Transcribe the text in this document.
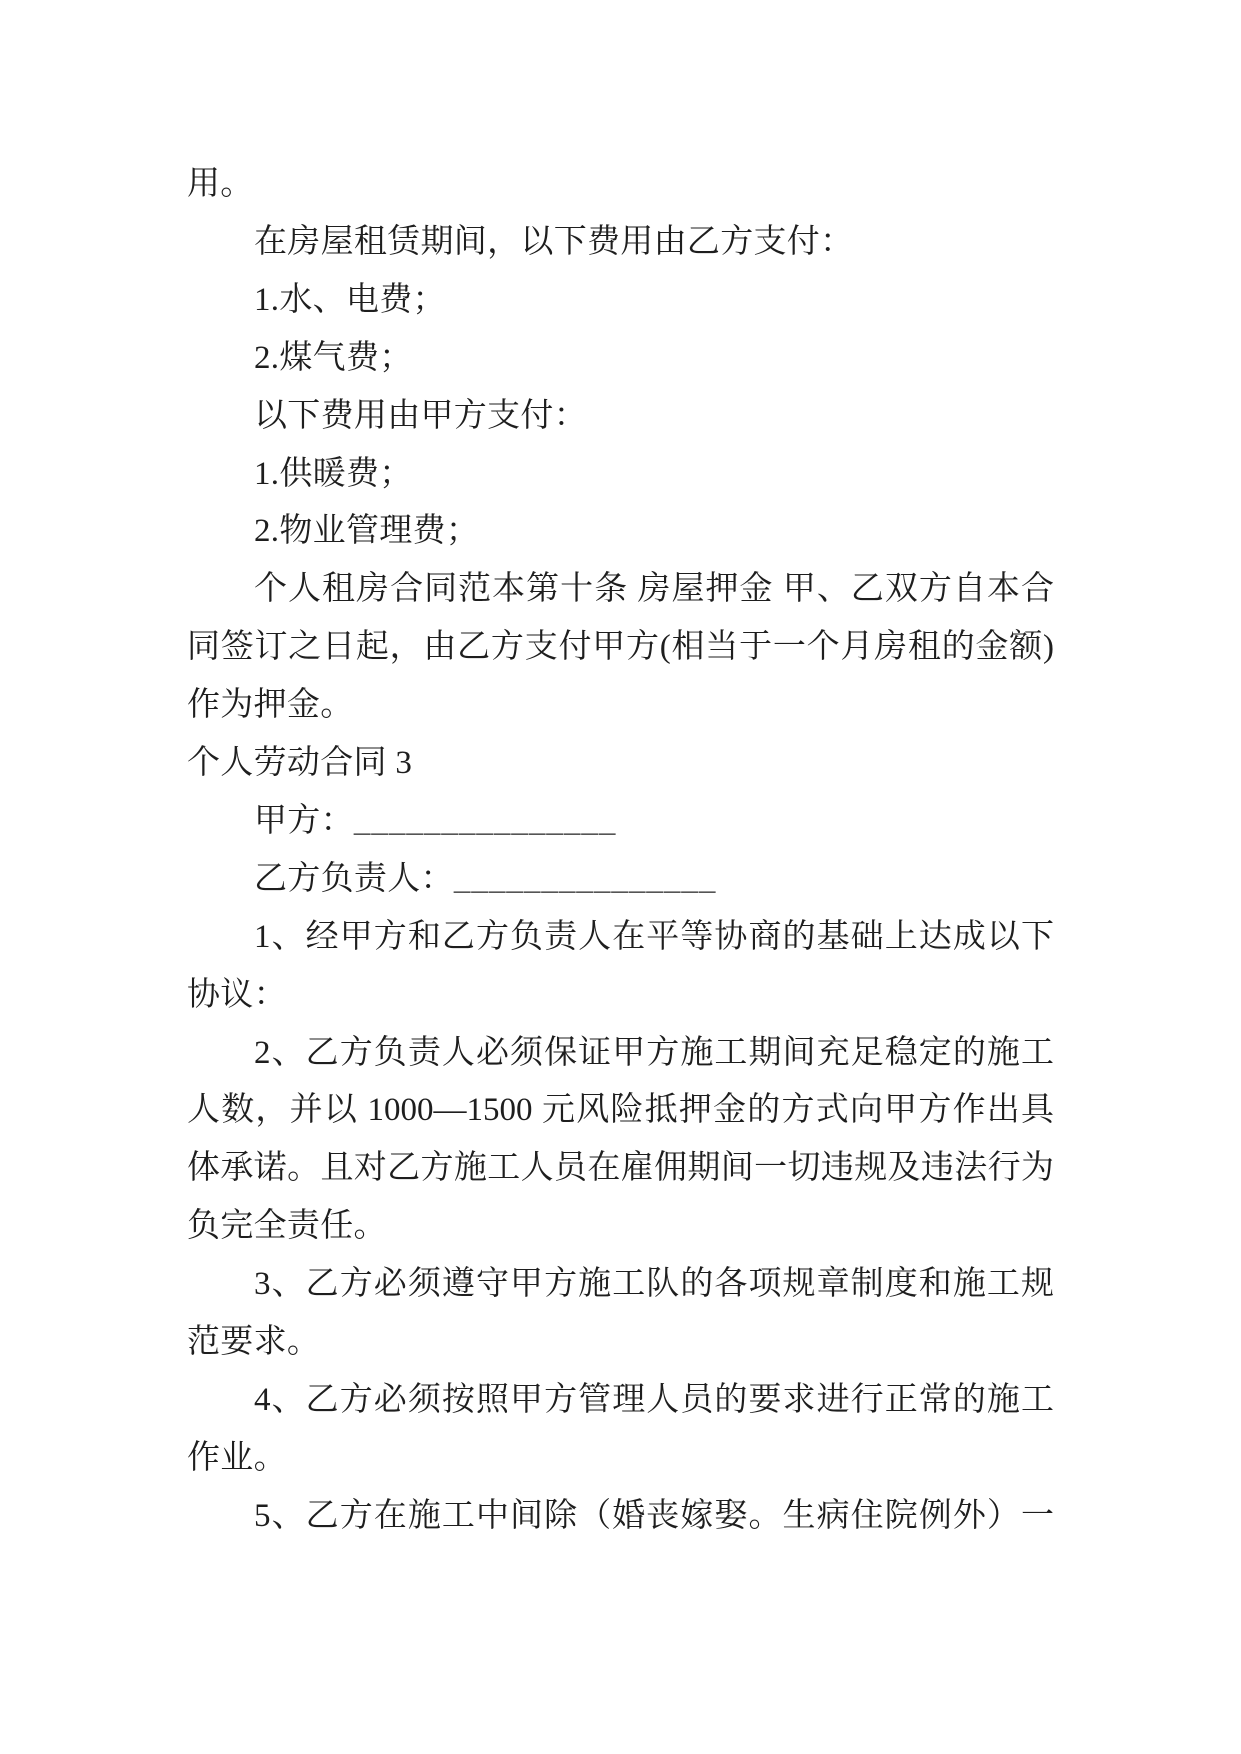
用。
在房屋租赁期间，以下费用由乙方支付：
1.水、电费；
2.煤气费；
以下费用由甲方支付：
1.供暖费；
2.物业管理费；
个人租房合同范本第十条 房屋押金 甲、乙双方自本合
同签订之日起，由乙方支付甲方(相当于一个月房租的金额)
作为押金。
个人劳动合同 3
甲方：_______________
乙方负责人：_______________
1、经甲方和乙方负责人在平等协商的基础上达成以下
协议：
2、乙方负责人必须保证甲方施工期间充足稳定的施工
人数，并以 1000—1500 元风险抵押金的方式向甲方作出具
体承诺。且对乙方施工人员在雇佣期间一切违规及违法行为
负完全责任。
3、乙方必须遵守甲方施工队的各项规章制度和施工规
范要求。
4、乙方必须按照甲方管理人员的要求进行正常的施工
作业。
5、乙方在施工中间除（婚丧嫁娶。生病住院例外）一
